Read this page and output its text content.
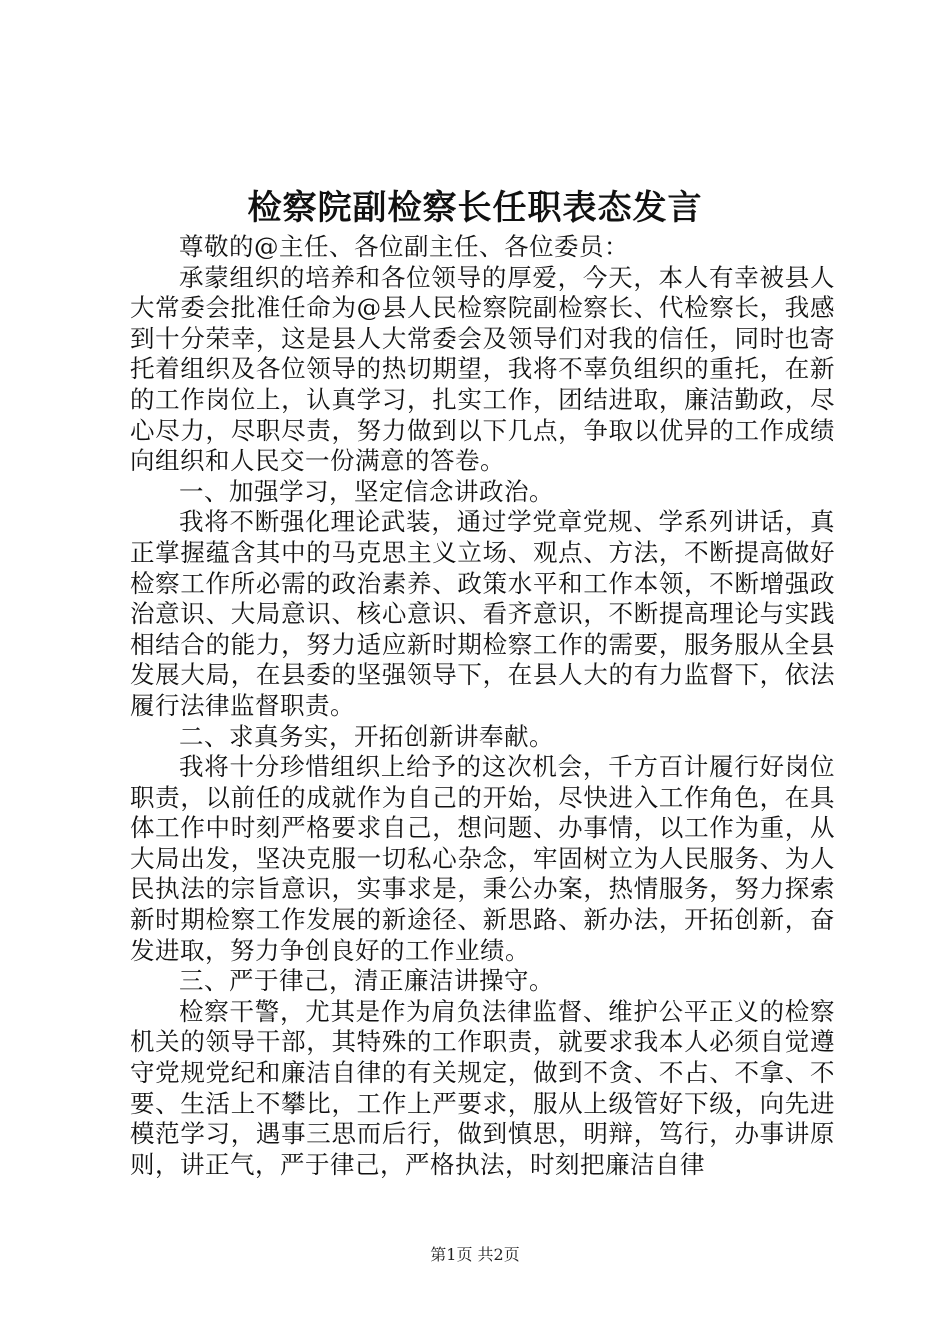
检察院副检察长任职表态发言

尊敬的@主任、各位副主任、各位委员：

承蒙组织的培养和各位领导的厚爱，今天，本人有幸被县人大常委会批准任命为@县人民检察院副检察长、代检察长，我感到十分荣幸，这是县人大常委会及领导们对我的信任，同时也寄托着组织及各位领导的热切期望，我将不辜负组织的重托，在新的工作岗位上，认真学习，扎实工作，团结进取，廉洁勤政，尽心尽力，尽职尽责，努力做到以下几点，争取以优异的工作成绩向组织和人民交一份满意的答卷。

一、加强学习，坚定信念讲政治。

我将不断强化理论武装，通过学党章党规、学系列讲话，真正掌握蕴含其中的马克思主义立场、观点、方法，不断提高做好检察工作所必需的政治素养、政策水平和工作本领，不断增强政治意识、大局意识、核心意识、看齐意识，不断提高理论与实践相结合的能力，努力适应新时期检察工作的需要，服务服从全县发展大局，在县委的坚强领导下，在县人大的有力监督下，依法履行法律监督职责。

二、求真务实，开拓创新讲奉献。

我将十分珍惜组织上给予的这次机会，千方百计履行好岗位职责，以前任的成就作为自己的开始，尽快进入工作角色，在具体工作中时刻严格要求自己，想问题、办事情，以工作为重，从大局出发，坚决克服一切私心杂念，牢固树立为人民服务、为人民执法的宗旨意识，实事求是，秉公办案，热情服务，努力探索新时期检察工作发展的新途径、新思路、新办法，开拓创新，奋发进取，努力争创良好的工作业绩。

三、严于律己，清正廉洁讲操守。

检察干警，尤其是作为肩负法律监督、维护公平正义的检察机关的领导干部，其特殊的工作职责，就要求我本人必须自觉遵守党规党纪和廉洁自律的有关规定，做到不贪、不占、不拿、不要、生活上不攀比，工作上严要求，服从上级管好下级，向先进模范学习，遇事三思而后行，做到慎思，明辩，笃行，办事讲原则，讲正气，严于律己，严格执法，时刻把廉洁自律

第1页 共2页
